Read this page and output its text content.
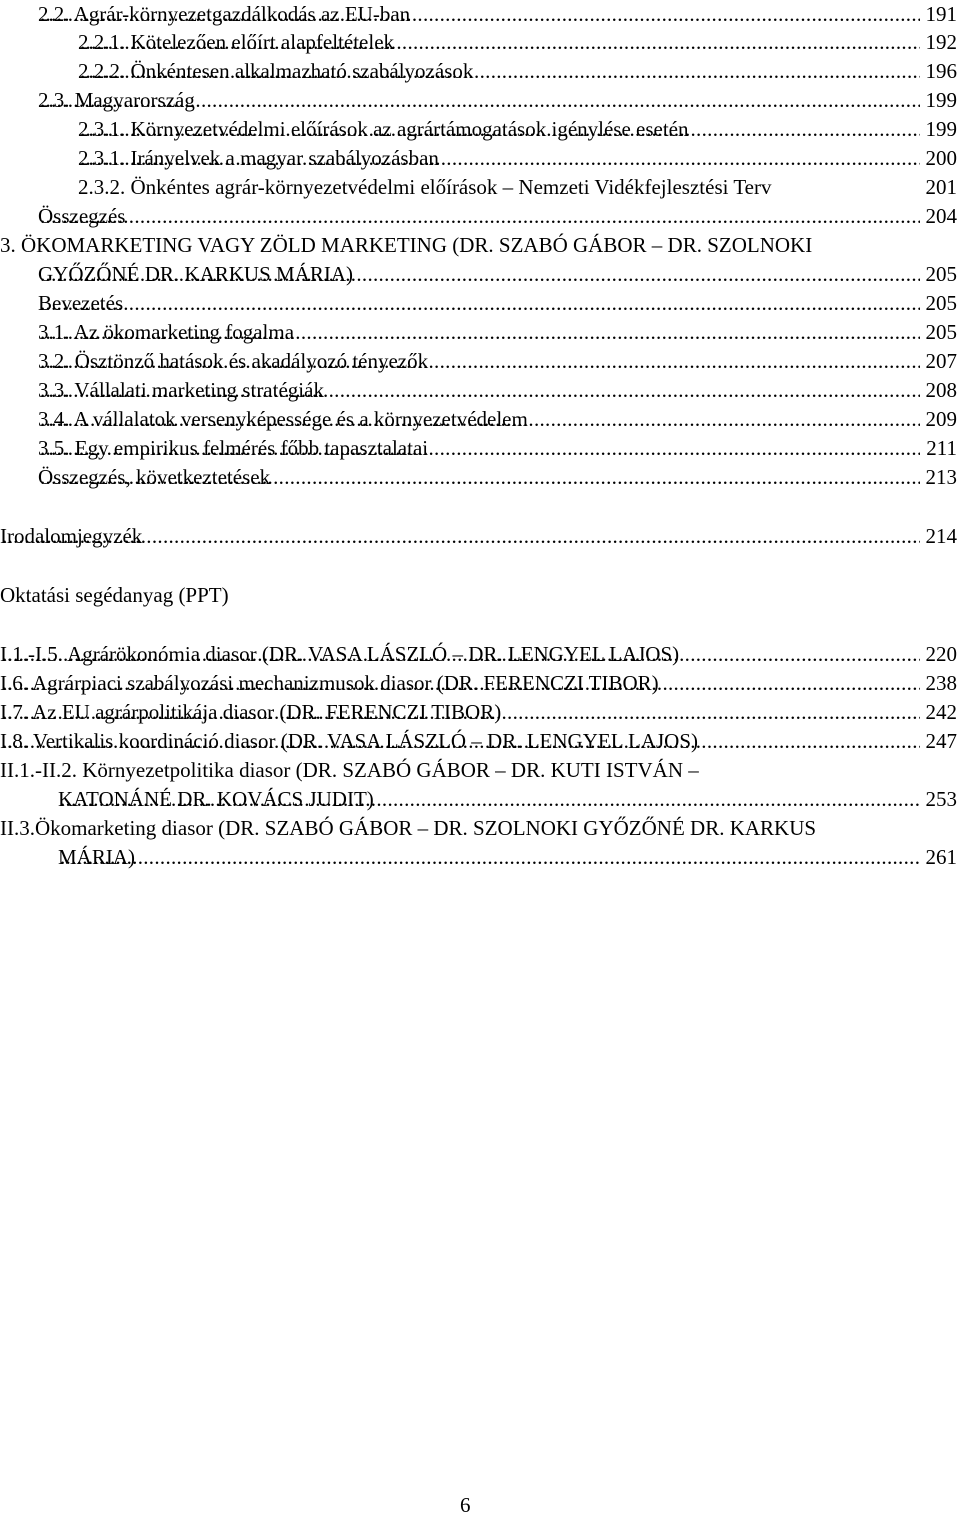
2.2. Agrár-környezetgazdálkodás az EU-ban .....	191
2.2.1. Kötelezően előírt alapfeltételek .....	192
2.2.2. Önkéntesen alkalmazható szabályozások .....	196
2.3. Magyarország .....	199
2.3.1. Környezetvédelmi előírások az agrártámogatások igénylése esetén .....	199
2.3.1. Irányelvek a magyar szabályozásban .....	200
2.3.2. Önkéntes agrár-környezetvédelmi előírások – Nemzeti Vidékfejlesztési Terv	201
Összegzés .....	204
3. ÖKOMARKETING VAGY ZÖLD MARKETING (DR. SZABÓ GÁBOR – DR. SZOLNOKI
GYŐZŐNÉ DR. KARKUS MÁRIA) .....	205
Bevezetés .....	205
3.1. Az ökomarketing fogalma .....	205
3.2. Ösztönző hatások és akadályozó tényezők .....	207
3.3. Vállalati marketing stratégiák .....	208
3.4. A vállalatok versenyképessége és a környezetvédelem .....	209
3.5. Egy empirikus felmérés főbb tapasztalatai .....	211
Összegzés, következtetések .....	213
Irodalomjegyzék .....	214
Oktatási segédanyag (PPT)
I.1.-I.5. Agrárökonómia diasor (DR. VASA LÁSZLÓ – DR. LENGYEL LAJOS) .....	220
I.6. Agrárpiaci szabályozási mechanizmusok diasor (DR. FERENCZI TIBOR) .....	238
I.7. Az EU agrárpolitikája diasor (DR. FERENCZI TIBOR) .....	242
I.8. Vertikalis koordináció diasor (DR. VASA LÁSZLÓ – DR. LENGYEL LAJOS) .....	247
II.1.-II.2. Környezetpolitika diasor (DR. SZABÓ GÁBOR – DR. KUTI ISTVÁN –
KATONÁNÉ DR. KOVÁCS JUDIT) .....	253
II.3.Ökomarketing diasor (DR. SZABÓ GÁBOR – DR. SZOLNOKI GYŐZŐNÉ DR. KARKUS
MÁRIA) .....	261
6
